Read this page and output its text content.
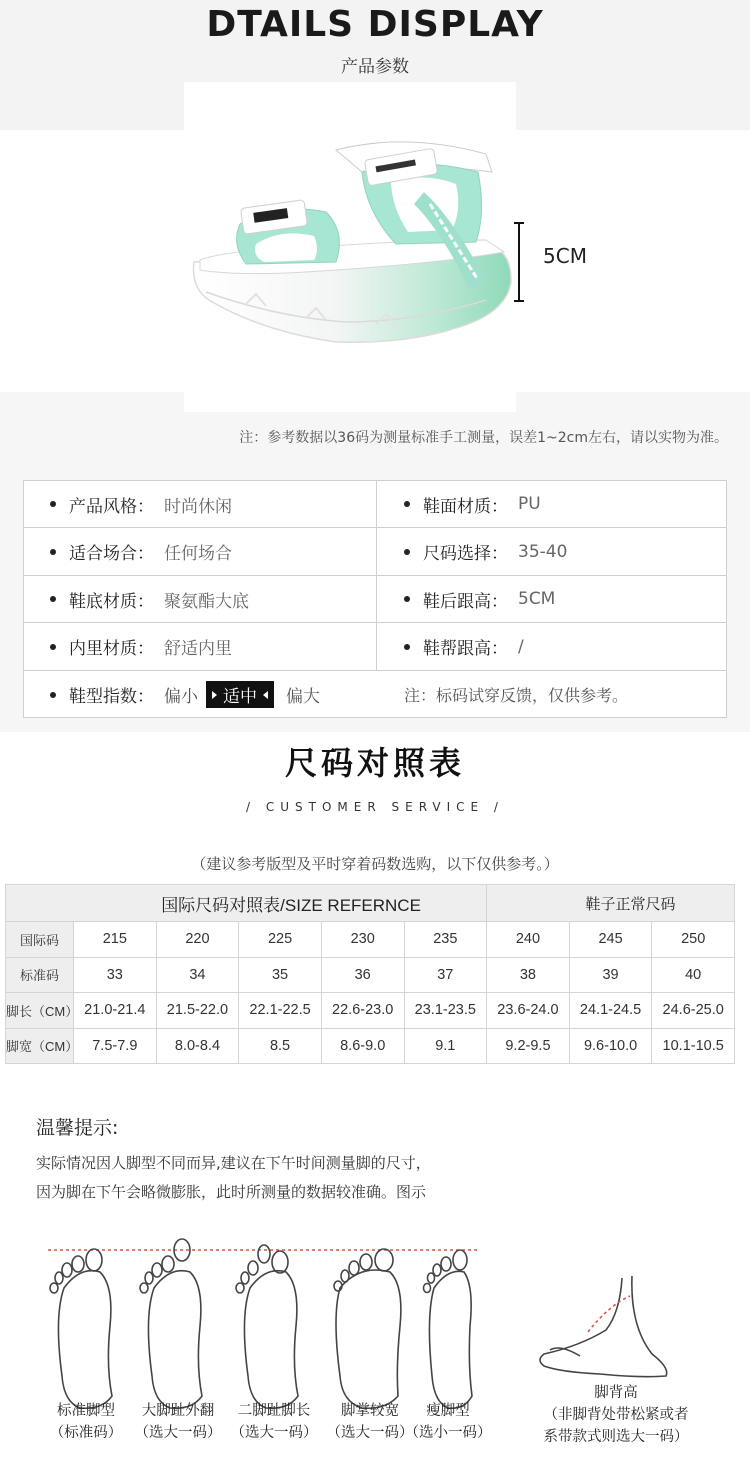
DTAILS DISPLAY
产品参数
5CM
注：参考数据以36码为测量标准手工测量，误差1~2cm左右，请以实物为准。
产品风格： 时尚休闲	鞋面材质： PU
适合场合： 任何场合	尺码选择： 35-40
鞋底材质： 聚氨酯大底	鞋后跟高： 5CM
内里材质： 舒适内里	鞋帮跟高： /
鞋型指数： 偏小 适中 偏大	注：标码试穿反馈，仅供参考。
尺码对照表
/ CUSTOMER SERVICE /
（建议参考版型及平时穿着码数选购，以下仅供参考。）
国际尺码对照表/SIZE REFERNCE						鞋子正常尺码		
国际码	215	220	225	230	235	240	245	250
标准码	33	34	35	36	37	38	39	40
脚长（CM）	21.0-21.4	21.5-22.0	22.1-22.5	22.6-23.0	23.1-23.5	23.6-24.0	24.1-24.5	24.6-25.0
脚宽（CM）	7.5-7.9	8.0-8.4	8.5	8.6-9.0	9.1	9.2-9.5	9.6-10.0	10.1-10.5
温馨提示:
实际情况因人脚型不同而异,建议在下午时间测量脚的尺寸，
因为脚在下午会略微膨胀，此时所测量的数据较准确。图示
标准脚型
（标准码）
大脚趾外翻
（选大一码）
二脚趾脚长
（选大一码）
脚掌较宽
（选大一码）
瘦脚型
（选小一码）
脚背高
（非脚背处带松紧或者
系带款式则选大一码）
